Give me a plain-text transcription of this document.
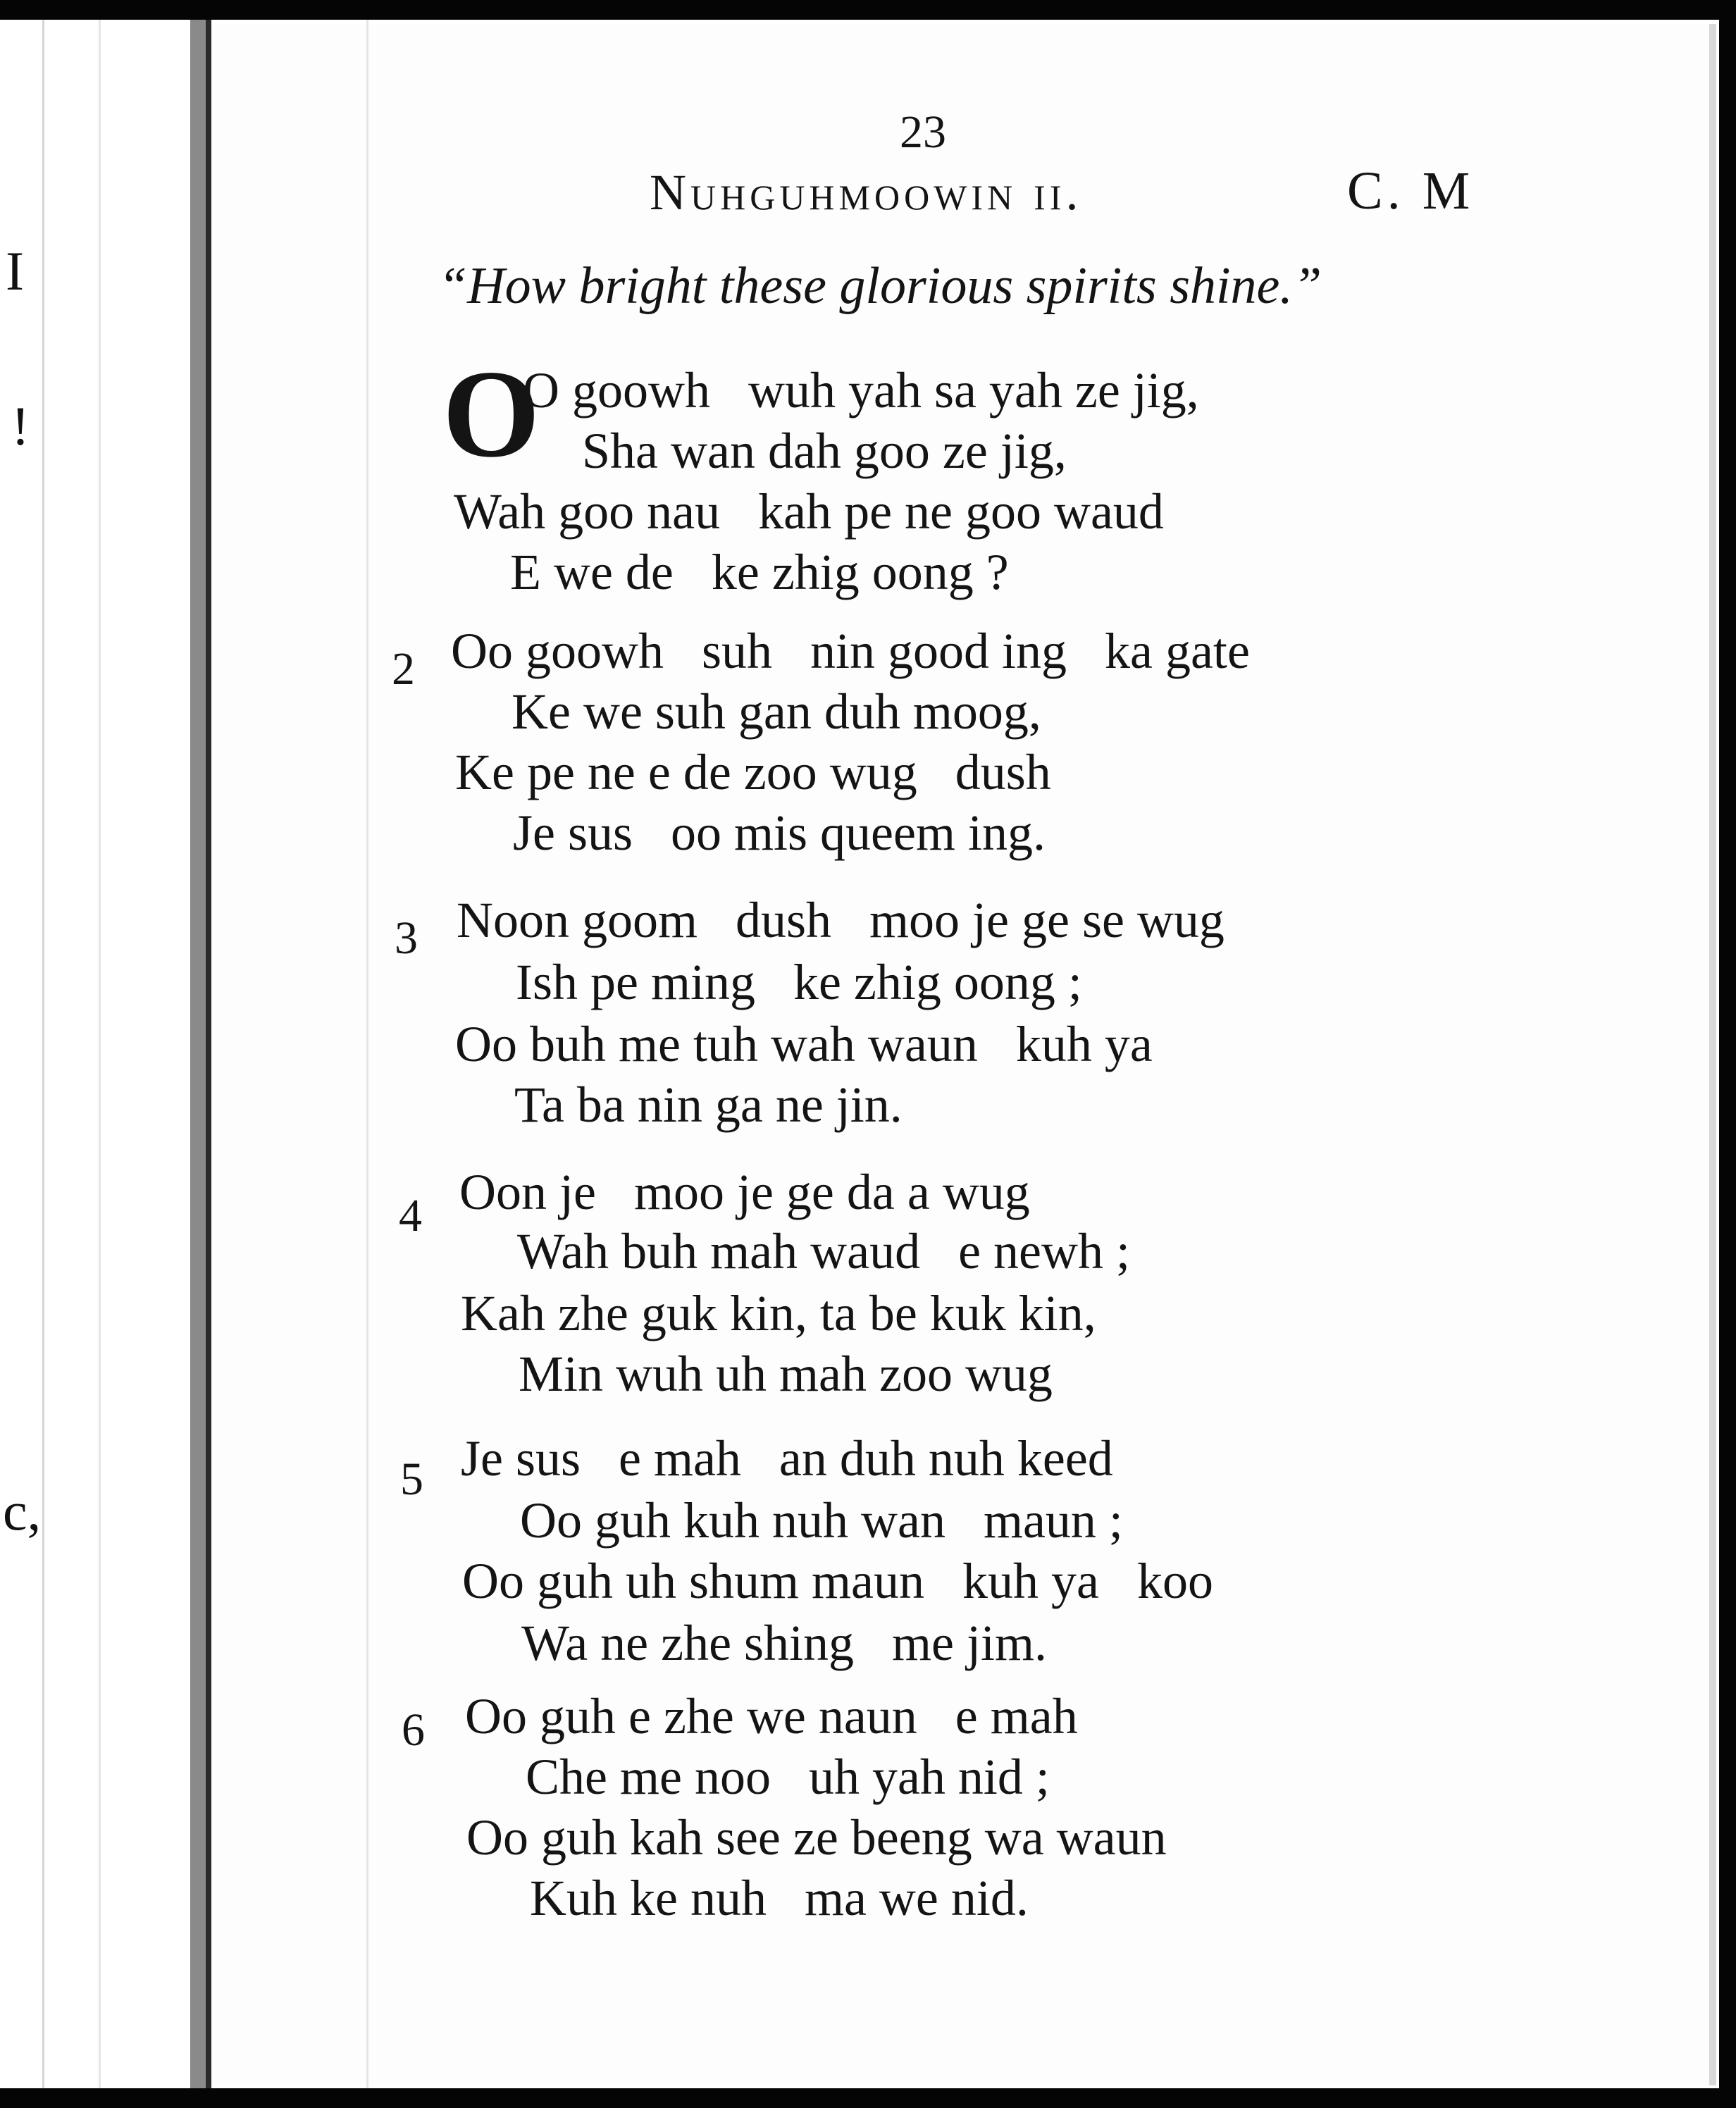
I
!
c,
23
Nuhguhmoowin ii.	C. M
“How bright these glorious spirits shine.”
O
O goowh   wuh yah sa yah ze jig,
Sha wan dah goo ze jig,
Wah goo nau   kah pe ne goo waud
E we de   ke zhig oong ?
2 Oo goowh   suh   nin good ing   ka gate
Ke we suh gan duh moog,
Ke pe ne e de zoo wug   dush
Je sus   oo mis queem ing.
3 Noon goom   dush   moo je ge se wug
Ish pe ming   ke zhig oong ;
Oo buh me tuh wah waun   kuh ya
Ta ba nin ga ne jin.
4 Oon je   moo je ge da a wug
Wah buh mah waud   e newh ;
Kah zhe guk kin, ta be kuk kin,
Min wuh uh mah zoo wug
5 Je sus   e mah   an duh nuh keed
Oo guh kuh nuh wan   maun ;
Oo guh uh shum maun   kuh ya   koo
Wa ne zhe shing   me jim.
6 Oo guh e zhe we naun   e mah
Che me noo   uh yah nid ;
Oo guh kah see ze beeng wa waun
Kuh ke nuh   ma we nid.
